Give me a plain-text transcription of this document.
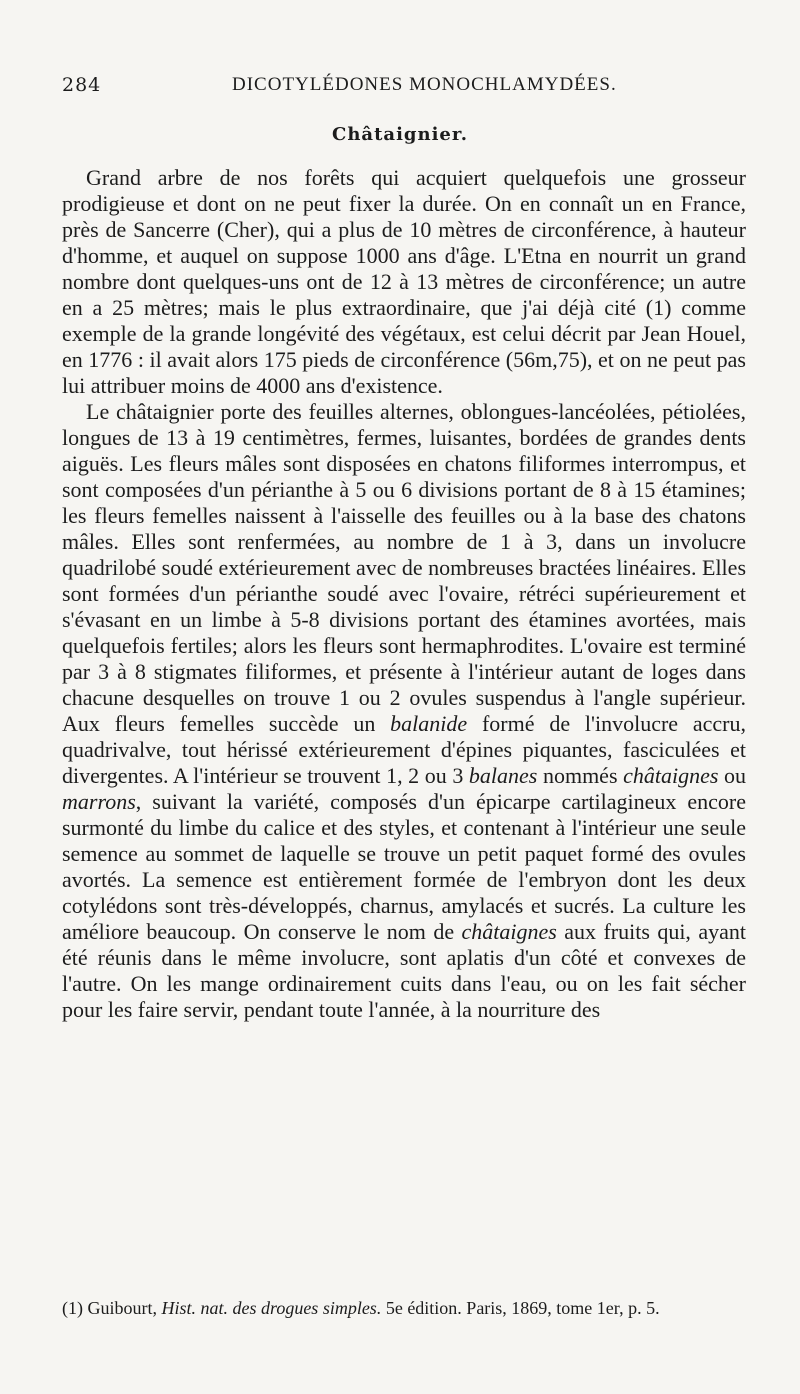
284	DICOTYLÉDONES MONOCHLAMYDÉES.
Châtaignier.

Grand arbre de nos forêts qui acquiert quelquefois une grosseur prodigieuse et dont on ne peut fixer la durée. On en connaît un en France, près de Sancerre (Cher), qui a plus de 10 mètres de circonférence, à hauteur d'homme, et auquel on suppose 1000 ans d'âge. L'Etna en nourrit un grand nombre dont quelques-uns ont de 12 à 13 mètres de circonférence; un autre en a 25 mètres; mais le plus extraordinaire, que j'ai déjà cité (1) comme exemple de la grande longévité des végétaux, est celui décrit par Jean Houel, en 1776 : il avait alors 175 pieds de circonférence (56m,75), et on ne peut pas lui attribuer moins de 4000 ans d'existence.

Le châtaignier porte des feuilles alternes, oblongues-lancéolées, pétiolées, longues de 13 à 19 centimètres, fermes, luisantes, bordées de grandes dents aiguës. Les fleurs mâles sont disposées en chatons filiformes interrompus, et sont composées d'un périanthe à 5 ou 6 divisions portant de 8 à 15 étamines; les fleurs femelles naissent à l'aisselle des feuilles ou à la base des chatons mâles. Elles sont renfermées, au nombre de 1 à 3, dans un involucre quadrilobé soudé extérieurement avec de nombreuses bractées linéaires. Elles sont formées d'un périanthe soudé avec l'ovaire, rétréci supérieurement et s'évasant en un limbe à 5-8 divisions portant des étamines avortées, mais quelquefois fertiles; alors les fleurs sont hermaphrodites. L'ovaire est terminé par 3 à 8 stigmates filiformes, et présente à l'intérieur autant de loges dans chacune desquelles on trouve 1 ou 2 ovules suspendus à l'angle supérieur. Aux fleurs femelles succède un balanide formé de l'involucre accru, quadrivalve, tout hérissé extérieurement d'épines piquantes, fasciculées et divergentes. A l'intérieur se trouvent 1, 2 ou 3 balanes nommés châtaignes ou marrons, suivant la variété, composés d'un épicarpe cartilagineux encore surmonté du limbe du calice et des styles, et contenant à l'intérieur une seule semence au sommet de laquelle se trouve un petit paquet formé des ovules avortés. La semence est entièrement formée de l'embryon dont les deux cotylédons sont très-développés, charnus, amylacés et sucrés. La culture les améliore beaucoup. On conserve le nom de châtaignes aux fruits qui, ayant été réunis dans le même involucre, sont aplatis d'un côté et convexes de l'autre. On les mange ordinairement cuits dans l'eau, ou on les fait sécher pour les faire servir, pendant toute l'année, à la nourriture des

(1) Guibourt, Hist. nat. des drogues simples. 5e édition. Paris, 1869, tome 1er, p. 5.
